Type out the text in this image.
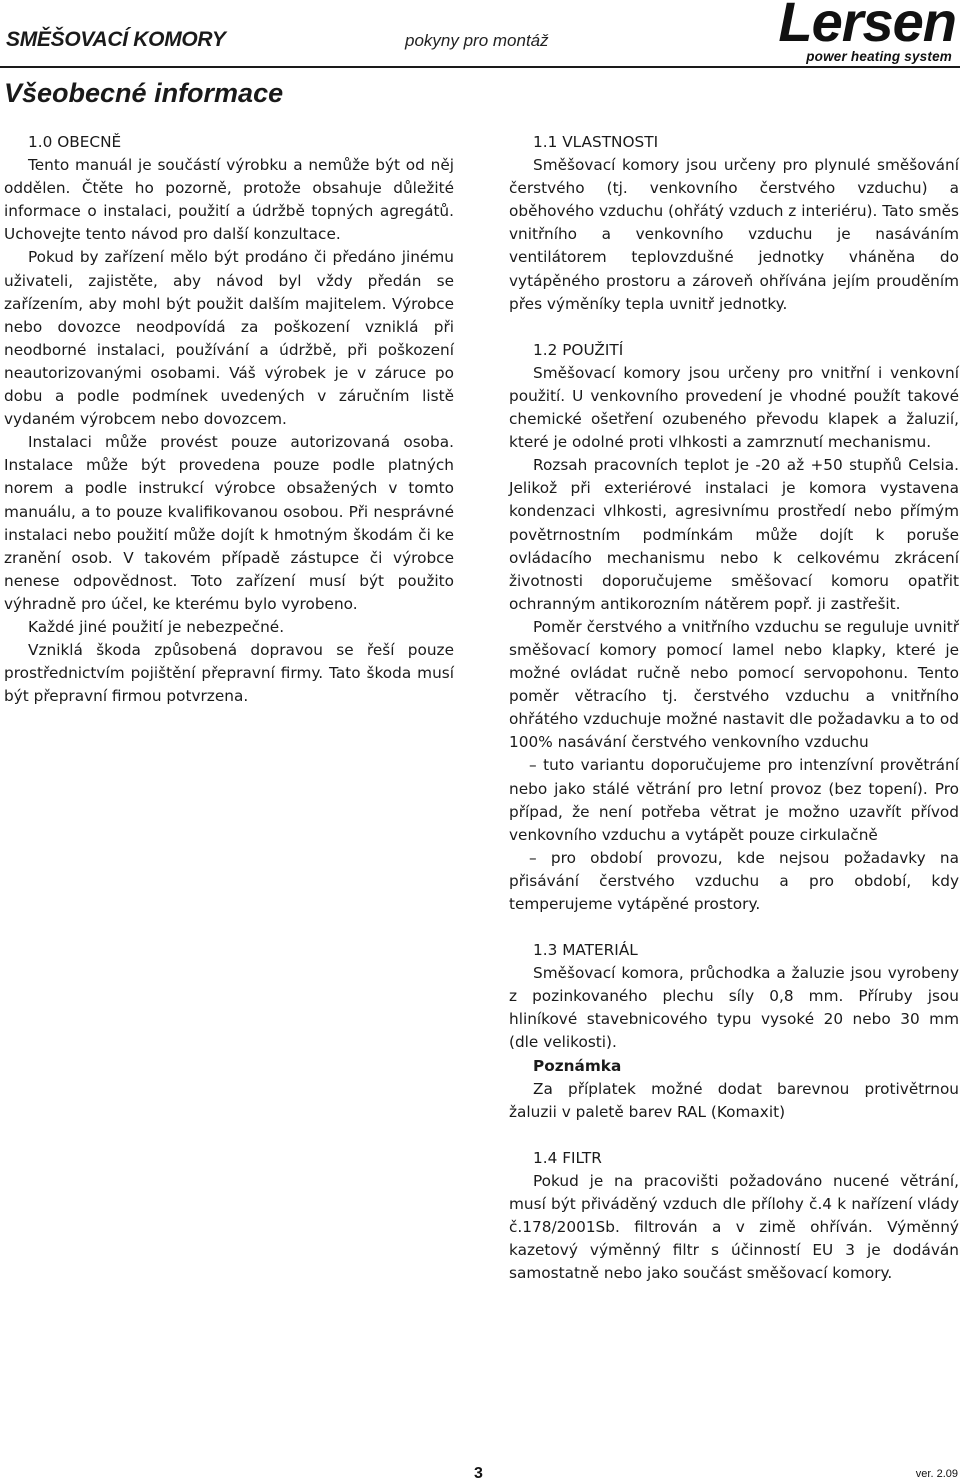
SMĚŠOVACÍ KOMORY	pokyny pro montáž	Lersen
power heating system
Všeobecné informace

1.0 OBECNĚ

Tento manuál je součástí výrobku a nemůže být od něj oddělen. Čtěte ho pozorně, protože obsahuje důležité informace o instalaci, použití a údržbě topných agregátů. Uchovejte tento návod pro další konzultace.

Pokud by zařízení mělo být prodáno či předáno jinému uživateli, zajistěte, aby návod byl vždy předán se zařízením, aby mohl být použit dalším majitelem. Výrobce nebo dovozce neodpovídá za poškození vzniklá při neodborné instalaci, používání a údržbě, při poškození neautorizovanými osobami. Váš výrobek je v záruce po dobu a podle podmínek uvedených v záručním listě vydaném výrobcem nebo dovozcem.

Instalaci může provést pouze autorizovaná osoba. Instalace může být provedena pouze podle platných norem a podle instrukcí výrobce obsažených v tomto manuálu, a to pouze kvalifikovanou osobou. Při nesprávné instalaci nebo použití může dojít k hmotným škodám či ke zranění osob. V takovém případě zástupce či výrobce nenese odpovědnost. Toto zařízení musí být použito výhradně pro účel, ke kterému bylo vyrobeno.

Každé jiné použití je nebezpečné.

Vzniklá škoda způsobená dopravou se řeší pouze prostřednictvím pojištění přepravní firmy. Tato škoda musí být přepravní firmou potvrzena.

1.1 VLASTNOSTI

Směšovací komory jsou určeny pro plynulé směšování čerstvého (tj. venkovního čerstvého vzduchu) a oběhového vzduchu (ohřátý vzduch z interiéru). Tato směs vnitřního a venkovního vzduchu je nasáváním ventilátorem teplovzdušné jednotky vháněna do vytápěného prostoru a zároveň ohřívána jejím prouděním přes výměníky tepla uvnitř jednotky.

1.2 POUŽITÍ

Směšovací komory jsou určeny pro vnitřní i venkovní použití. U venkovního provedení je vhodné použít takové chemické ošetření ozubeného převodu klapek a žaluzií, které je odolné proti vlhkosti a zamrznutí mechanismu.

Rozsah pracovních teplot je -20 až +50 stupňů Celsia. Jelikož při exteriérové instalaci je komora vystavena kondenzaci vlhkosti, agresivnímu prostředí nebo přímým povětrnostním podmínkám může dojít k poruše ovládacího mechanismu nebo k celkovému zkrácení životnosti doporučujeme směšovací komoru opatřit ochranným antikorozním nátěrem popř. ji zastřešit.

Poměr čerstvého a vnitřního vzduchu se reguluje uvnitř směšovací komory pomocí lamel nebo klapky, které je možné ovládat ručně nebo pomocí servopohonu. Tento poměr větracího tj. čerstvého vzduchu a vnitřního ohřátého vzduchuje možné nastavit dle požadavku a to od 100% nasávání čerstvého venkovního vzduchu

– tuto variantu doporučujeme pro intenzívní provětrání nebo jako stálé větrání pro letní provoz (bez topení). Pro případ, že není potřeba větrat je možno uzavřít přívod venkovního vzduchu a vytápět pouze cirkulačně

– pro období provozu, kde nejsou požadavky na přisávání čerstvého vzduchu a pro období, kdy temperujeme vytápěné prostory.

1.3 MATERIÁL

Směšovací komora, průchodka a žaluzie jsou vyrobeny z pozinkovaného plechu síly 0,8 mm. Příruby jsou hliníkové stavebnicového typu vysoké 20 nebo 30 mm (dle velikosti).

Poznámka

Za příplatek možné dodat barevnou protivětrnou žaluzii v paletě barev RAL (Komaxit)

1.4 FILTR

Pokud je na pracovišti požadováno nucené větrání, musí být přiváděný vzduch dle přílohy č.4 k nařízení vlády č.178/2001Sb. filtrován a v zimě ohříván. Výměnný kazetový výměnný filtr s účinností EU 3 je dodáván samostatně nebo jako součást směšovací komory.

3	ver. 2.09
